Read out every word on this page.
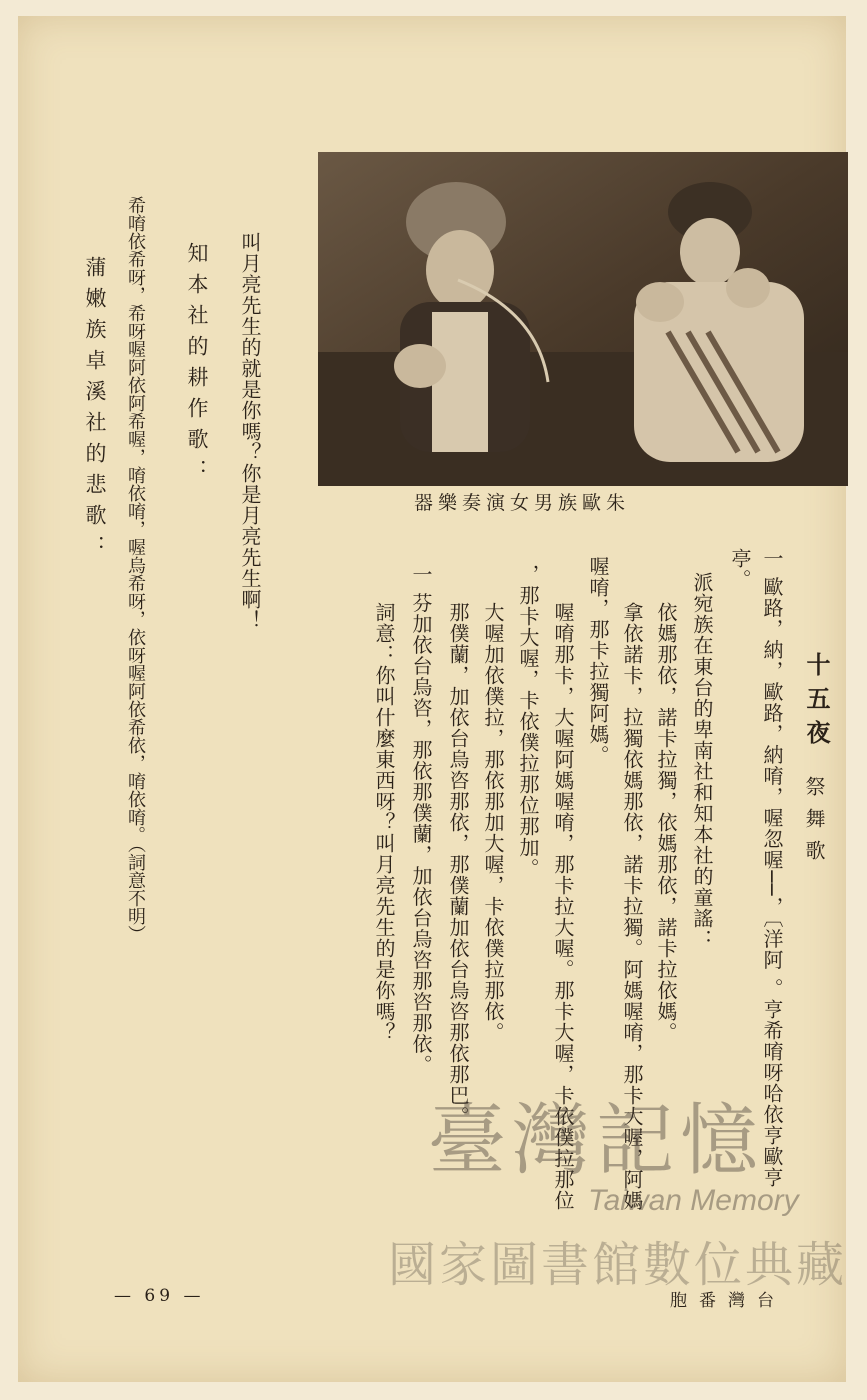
十五夜
祭舞歌
一 歐路，納，歐路，納唷，喔忽喔──，〔洋阿 。亨希唷呀哈依亨歐亨
亭。
派宛族在東台的卑南社和知本社的童謠：
依媽那依，諾卡拉獨，依媽那依，諾卡拉依媽。
拿依諾卡，拉獨依媽那依，諾卡拉獨。阿媽喔唷，那卡大喔，阿媽
喔唷，那卡拉獨阿媽。
喔唷那卡，大喔阿媽喔唷，那卡拉大喔。那卡大喔，卡依僕拉那位
，那卡大喔，卡依僕拉那位那加。
大喔加依僕拉，那依那加大喔，卡依僕拉那依。
那僕蘭，加依台烏咨那依，那僕蘭加依台烏咨那依那巴。
一 芬加依台烏咨，那依那僕蘭，加依台烏咨那咨那依。
詞意：你叫什麼東西呀？叫月亮先生的是你嗎？
叫月亮先生的就是你嗎？你是月亮先生啊！
知本社的耕作歌：
希唷依希呀，希呀喔阿依阿希喔，唷依唷，喔烏希呀，依呀喔阿依希依，唷依唷。（詞意不明）
蒲嫩族卓溪社的悲歌：	器樂奏演女男族歐朱
— 69 —	胞番灣台
臺灣記憶
Taiwan Memory
國家圖書館數位典藏
